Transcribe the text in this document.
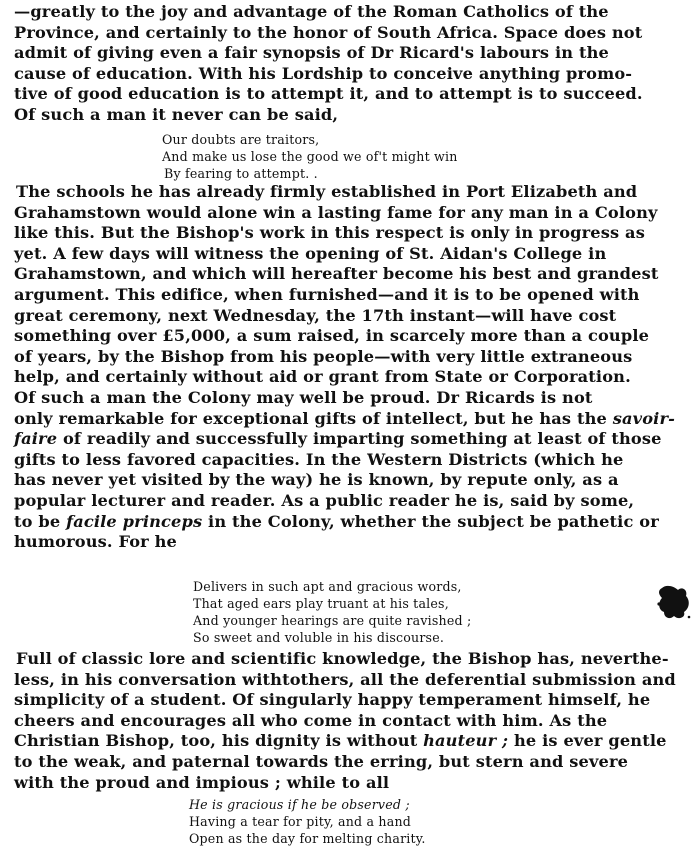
—greatly to the joy and advantage of the Roman Catholics of the
Province, and certainly to the honor of South Africa. Space does not
admit of giving even a fair synopsis of Dr Ricard's labours in the
cause of education. With his Lordship to conceive anything promo-
tive of good education is to attempt it, and to attempt is to succeed.
Of such a man it never can be said,
Our doubts are traitors,
And make us lose the good we of't might win
By fearing to attempt. .
The schools he has already firmly established in Port Elizabeth and
Grahamstown would alone win a lasting fame for any man in a Colony
like this. But the Bishop's work in this respect is only in progress as
yet. A few days will witness the opening of St. Aidan's College in
Grahamstown, and which will hereafter become his best and grandest
argument. This edifice, when furnished—and it is to be opened with
great ceremony, next Wednesday, the 17th instant—will have cost
something over £5,000, a sum raised, in scarcely more than a couple
of years, by the Bishop from his people—with very little extraneous
help, and certainly without aid or grant from State or Corporation.
Of such a man the Colony may well be proud. Dr Ricards is not
only remarkable for exceptional gifts of intellect, but he has the savoir-
faire of readily and successfully imparting something at least of those
gifts to less favored capacities. In the Western Districts (which he
has never yet visited by the way) he is known, by repute only, as a
popular lecturer and reader. As a public reader he is, said by some,
to be facile princeps in the Colony, whether the subject be pathetic or
humorous. For he
Delivers in such apt and gracious words,
That aged ears play truant at his tales,
And younger hearings are quite ravished ;
So sweet and voluble in his discourse.
Full of classic lore and scientific knowledge, the Bishop has, neverthe-
less, in his conversation withtothers, all the deferential submission and
simplicity of a student. Of singularly happy temperament himself, he
cheers and encourages all who come in contact with him. As the
Christian Bishop, too, his dignity is without hauteur ; he is ever gentle
to the weak, and paternal towards the erring, but stern and severe
with the proud and impious ; while to all
He is gracious if he be observed ;
Having a tear for pity, and a hand
Open as the day for melting charity.
